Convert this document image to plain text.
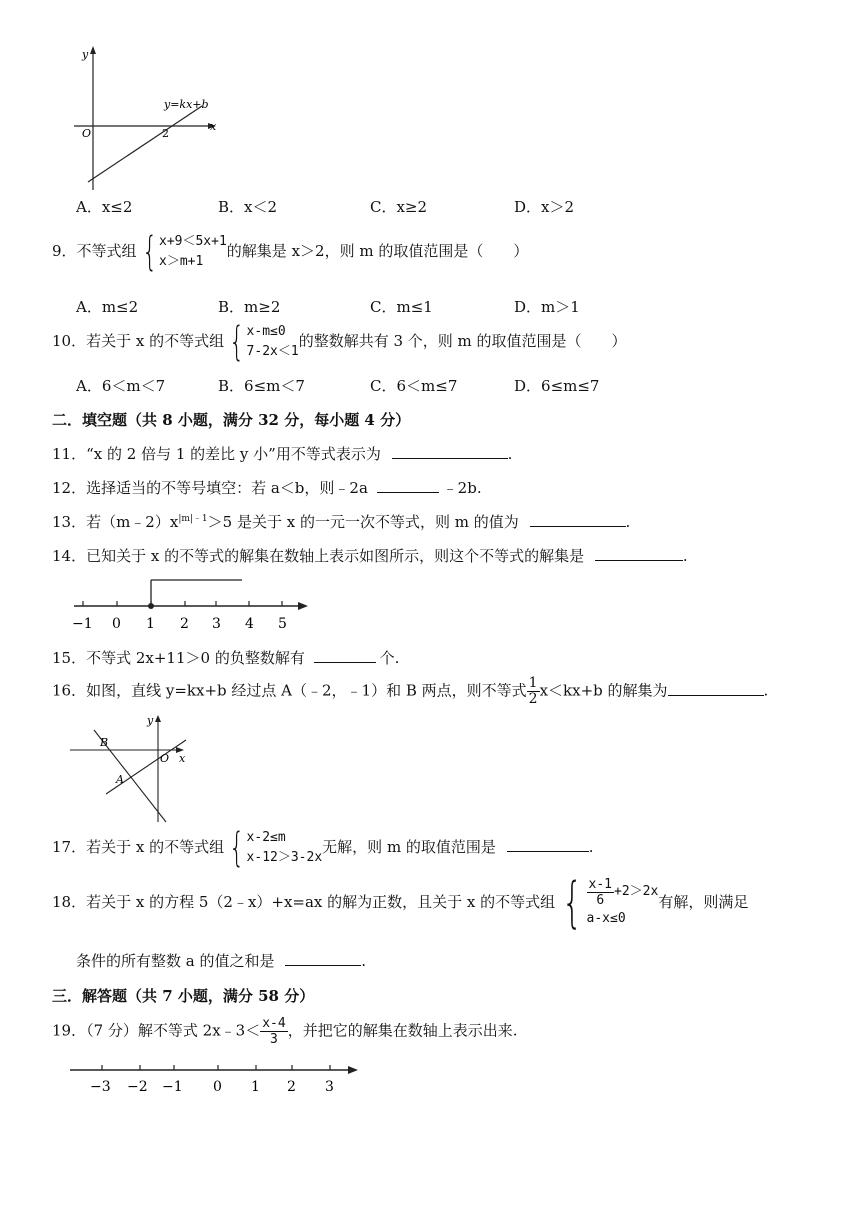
y
x
O	2
y=kx+b
A．x≤2	B．x＜2	C．x≥2	D．x＞2
9．不等式组 { x+9＜5x+1
x＞m+1
的解集是 x＞2，则 m 的取值范围是（　　）
A．m≤2	B．m≥2	C．m≤1	D．m＞1
10．若关于 x 的不等式组 { x-m≤0
7-2x＜1
的整数解共有 3 个，则 m 的取值范围是（　　）
A．6＜m＜7	B．6≤m＜7	C．6＜m≤7	D．6≤m≤7
二．填空题（共 8 小题，满分 32 分，每小题 4 分）
11．“x 的 2 倍与 1 的差比 y 小”用不等式表示为	.
12．选择适当的不等号填空：若 a＜b，则﹣2a	﹣2b.
13．若$(m﹣2)x^{|m|﹣1}>5$ 是关于 x 的一元一次不等式，则 m 的值为	.
14．已知关于 x 的不等式的解集在数轴上表示如图所示，则这个不等式的解集是	.
−1 0 1 2 3 4 5
15．不等式 2x+11＞0 的负整数解有	个.
16．如图，直线 y=kx+b 经过点 A（﹣2，﹣1）和 B 两点，则不等式 $\frac{1}{2} x<kx+b$ 的解集为	.
y
x
O
A
B
17．若关于 x 的不等式组 { x-2≤m
x-12＞3-2x
无解，则 m 的取值范围是	.
18．若关于 x 的方程 5（2﹣x）+x=ax 的解为正数，且关于 x 的不等式组 { $\frac{x-1}{6} +2>2x$
a-x≤0
有解，则满足
条件的所有整数 a 的值之和是	.
三．解答题（共 7 小题，满分 58 分）
19．（7 分）解不等式 2x﹣3＜ $\frac{x-4}{3}$ ，并把它的解集在数轴上表示出来.
−3 −2 −1 0 1 2 3
